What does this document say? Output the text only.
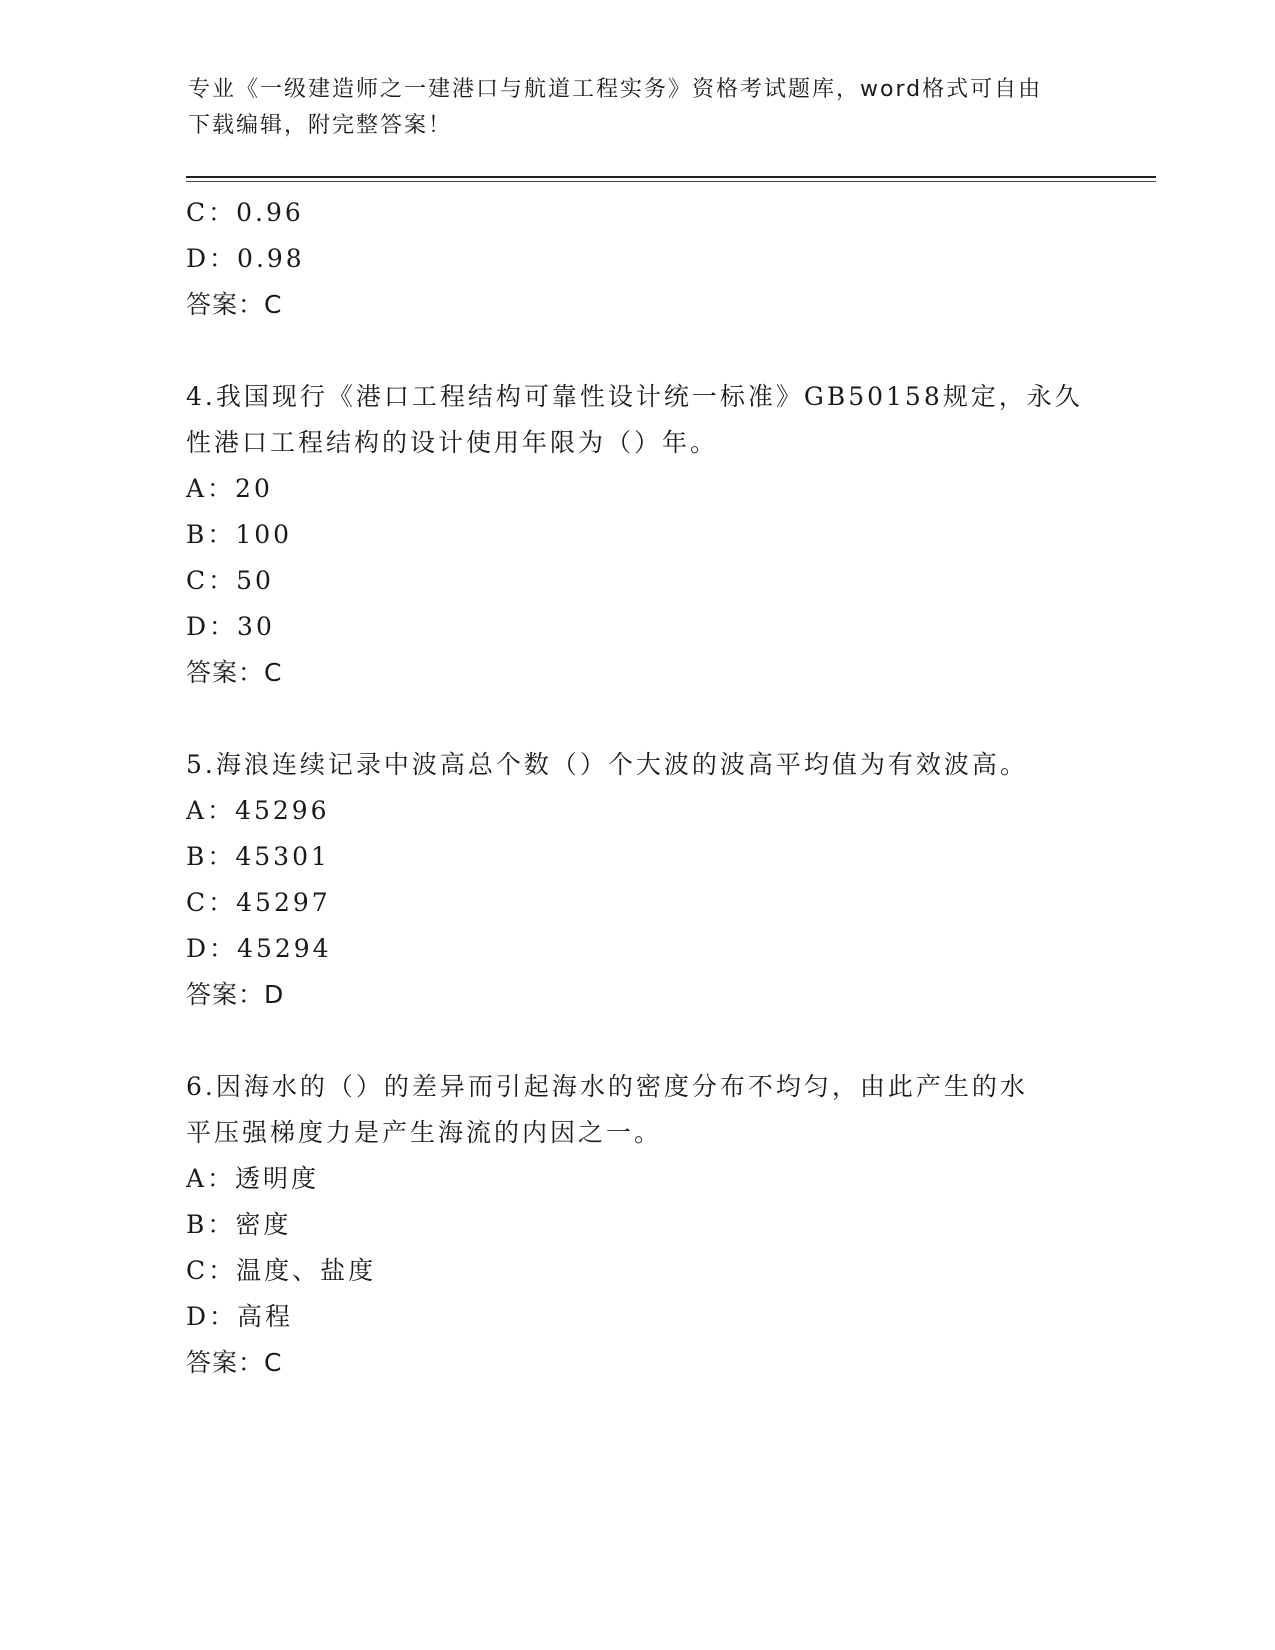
专业《一级建造师之一建港口与航道工程实务》资格考试题库，word格式可自由
下载编辑，附完整答案！
C：0.96
D：0.98
答案：C
4.我国现行《港口工程结构可靠性设计统一标准》GB50158规定，永久
性港口工程结构的设计使用年限为（）年。
A：20
B：100
C：50
D：30
答案：C
5.海浪连续记录中波高总个数（）个大波的波高平均值为有效波高。
A：45296
B：45301
C：45297
D：45294
答案：D
6.因海水的（）的差异而引起海水的密度分布不均匀，由此产生的水
平压强梯度力是产生海流的内因之一。
A：透明度
B：密度
C：温度、盐度
D：高程
答案：C
